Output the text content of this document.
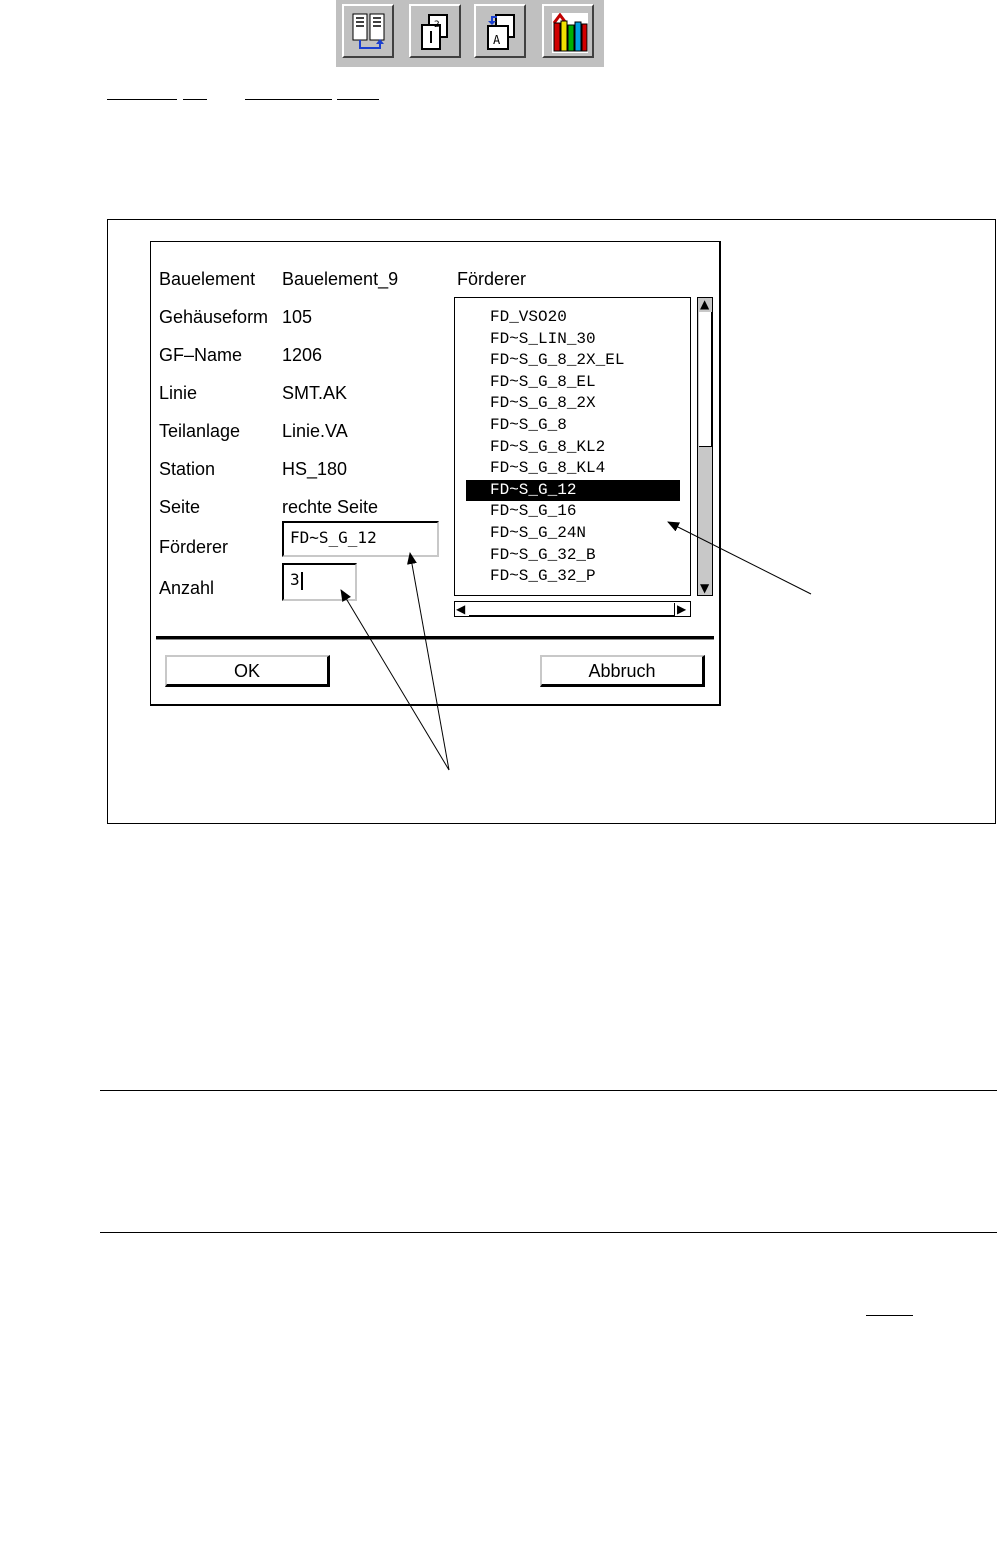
2
A
Bauelement Bauelement_9
Gehäuseform 105
GF–Name 1206
Linie	SMT.AK
Teilanlage Linie.VA
Station	HS_180
Seite	rechte Seite
Förderer	FD~S_G_12
Anzahl	3
Förderer
FD_VSO20
FD~S_LIN_30
FD~S_G_8_2X_EL
FD~S_G_8_EL
FD~S_G_8_2X
FD~S_G_8
FD~S_G_8_KL2
FD~S_G_8_KL4
FD~S_G_12
FD~S_G_16
FD~S_G_24N
FD~S_G_32_B
FD~S_G_32_P
▲
▼
◀	▶
OK	Abbruch
